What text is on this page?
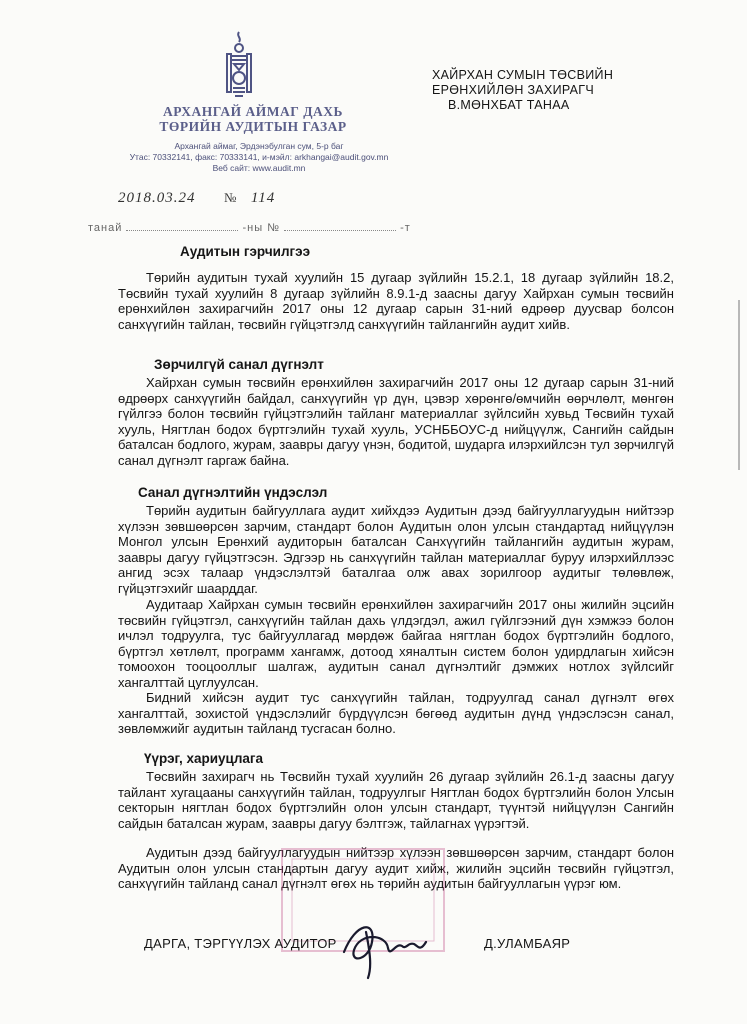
АРХАНГАЙ АЙМАГ ДАХЬ
ТӨРИЙН АУДИТЫН ГАЗАР
Архангай аймаг, Эрдэнэбулган сум, 5-р баг
Утас: 70332141, факс: 70333141, и-мэйл: arkhangai@audit.gov.mn
Веб сайт: www.audit.mn
2018.03.24 № 114
танай	-ны №	-т
ХАЙРХАН СУМЫН ТӨСВИЙН
ЕРӨНХИЙЛӨН ЗАХИРАГЧ
В.МӨНХБАТ ТАНАА
Аудитын гэрчилгээ
Төрийн аудитын тухай хуулийн 15 дугаар зүйлийн 15.2.1, 18 дугаар зүйлийн 18.2, Төсвийн тухай хуулийн 8 дугаар зүйлийн 8.9.1-д заасны дагуу Хайрхан сумын төсвийн ерөнхийлөн захирагчийн 2017 оны 12 дугаар сарын 31-ний өдрөөр дуусвар болсон санхүүгийн тайлан, төсвийн гүйцэтгэлд санхүүгийн тайлангийн аудит хийв.
Зөрчилгүй санал дүгнэлт
Хайрхан сумын төсвийн ерөнхийлөн захирагчийн 2017 оны 12 дугаар сарын 31-ний өдрөөрх санхүүгийн байдал, санхүүгийн үр дүн, цэвэр хөрөнгө/өмчийн өөрчлөлт, мөнгөн гүйлгээ болон төсвийн гүйцэтгэлийн тайланг материаллаг зүйлсийн хувьд Төсвийн тухай хууль, Нягтлан бодох бүртгэлийн тухай хууль, УСНББОУС-д нийцүүлж, Сангийн сайдын баталсан бодлого, журам, заавры дагуу үнэн, бодитой, шударга илэрхийлсэн тул зөрчилгүй санал дүгнэлт гаргаж байна.
Санал дүгнэлтийн үндэслэл
Төрийн аудитын байгууллага аудит хийхдээ Аудитын дээд байгууллагуудын нийтээр хүлээн зөвшөөрсөн зарчим, стандарт болон Аудитын олон улсын стандартад нийцүүлэн Монгол улсын Ерөнхий аудиторын баталсан Санхүүгийн тайлангийн аудитын журам, заавры дагуу гүйцэтгэсэн. Эдгээр нь санхүүгийн тайлан материаллаг буруу илэрхийллээс ангид эсэх талаар үндэслэлтэй баталгаа олж авах зорилгоор аудитыг төлөвлөж, гүйцэтгэхийг шаарддаг.
Аудитаар Хайрхан сумын төсвийн ерөнхийлөн захирагчийн 2017 оны жилийн эцсийн төсвийн гүйцэтгэл, санхүүгийн тайлан дахь үлдэгдэл, ажил гүйлгээний дүн хэмжээ болон ичлэл тодруулга, тус байгууллагад мөрдөж байгаа нягтлан бодох бүртгэлийн бодлого, бүртгэл хөтлөлт, программ хангамж, дотоод хяналтын систем болон удирдлагын хийсэн томоохон тооцооллыг шалгаж, аудитын санал дүгнэлтийг дэмжих нотлох зүйлсийг хангалттай цуглуулсан.
Бидний хийсэн аудит тус санхүүгийн тайлан, тодруулгад санал дүгнэлт өгөх хангалттай, зохистой үндэслэлийг бүрдүүлсэн бөгөөд аудитын дүнд үндэслэсэн санал, зөвлөмжийг аудитын тайланд тусгасан болно.
Үүрэг, хариуцлага
Төсвийн захирагч нь Төсвийн тухай хуулийн 26 дугаар зүйлийн 26.1-д заасны дагуу тайлант хугацааны санхүүгийн тайлан, тодруулгыг Нягтлан бодох бүртгэлийн болон Улсын секторын нягтлан бодох бүртгэлийн олон улсын стандарт, түүнтэй нийцүүлэн Сангийн сайдын баталсан журам, заавры дагуу бэлтгэж, тайлагнах үүрэгтэй.
Аудитын дээд байгууллагуудын нийтээр хүлээн зөвшөөрсөн зарчим, стандарт болон Аудитын олон улсын стандартын дагуу аудит хийж, жилийн эцсийн төсвийн гүйцэтгэл, санхүүгийн тайланд санал дүгнэлт өгөх нь төрийн аудитын байгууллагын үүрэг юм.
ДАРГА, ТЭРГҮҮЛЭХ АУДИТОР	Д.УЛАМБАЯР
